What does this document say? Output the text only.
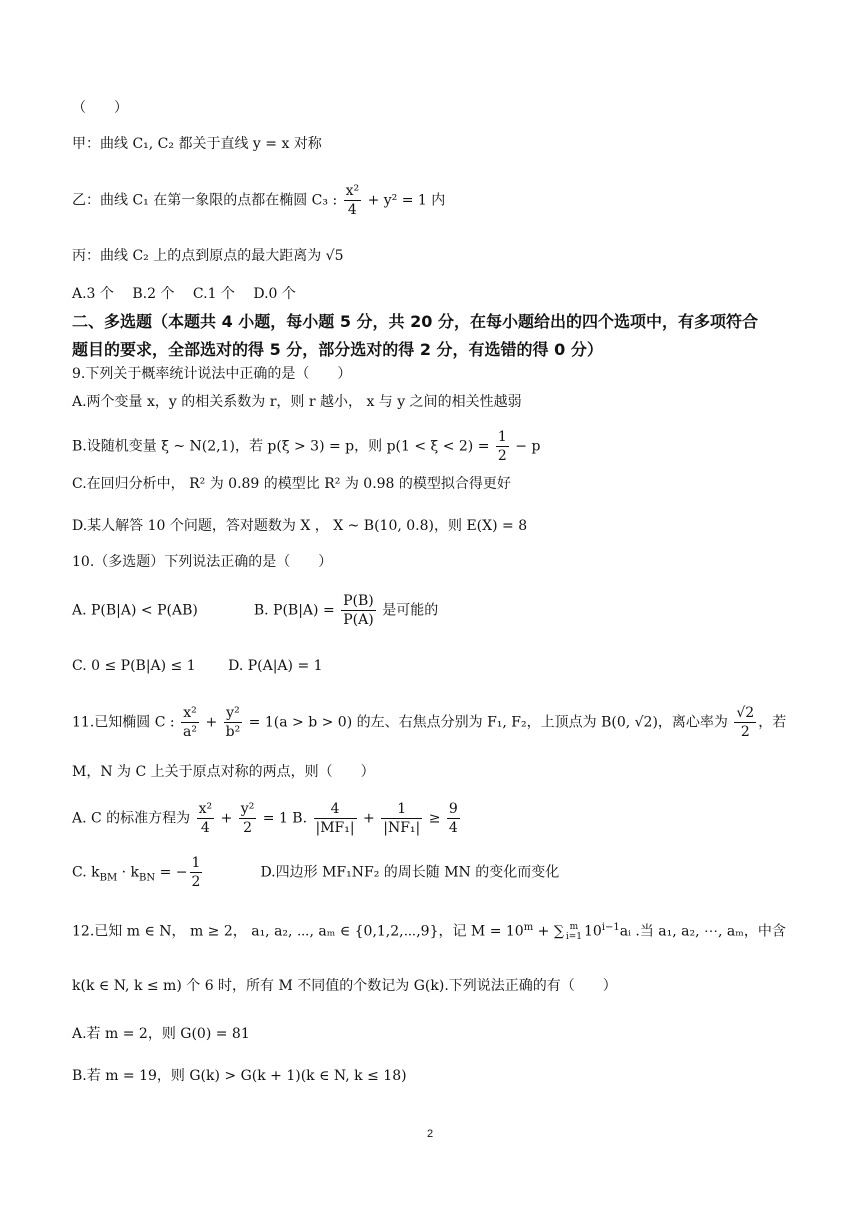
（　　）
甲：曲线 C₁, C₂ 都关于直线 y = x 对称
乙：曲线 C₁ 在第一象限的点都在椭圆 C₃ : $\frac{\text{x²}}{4} + y^2 = 1$ 内
丙：曲线 C₂ 上的点到原点的最大距离为 √5
A.3 个　 B.2 个　 C.1 个　 D.0 个
二、多选题（本题共 4 小题，每小题 5 分，共 20 分，在每小题给出的四个选项中，有多项符合
题目的要求，全部选对的得 5 分，部分选对的得 2 分，有选错的得 0 分）
9.下列关于概率统计说法中正确的是（　　）
A.两个变量 x，y 的相关系数为 r，则 r 越小， x 与 y 之间的相关性越弱
B.设随机变量 ξ ~ N(2,1)，若 p(ξ > 3) = p，则 $p(1 < \xi < 2) = \frac{1}{2} - p$
C.在回归分析中， R² 为 0.89 的模型比 R² 为 0.98 的模型拟合得更好
D.某人解答 10 个问题，答对题数为 X ， X ~ B(10, 0.8)，则 E(X) = 8
10.（多选题）下列说法正确的是（　　）
A. P(B|A) < P(AB)　　　　B. $P(B|A) = \frac{P(B)}{P(A)}$ 是可能的
C. 0 ≤ P(B|A) ≤ 1　　 D. P(A|A) = 1
11.已知椭圆 C : $\frac{\text{x²}}{\text{a²}} + \frac{\text{y²}}{\text{b²}} = 1(a > b > 0)$ 的左、右焦点分别为 F₁, F₂，上顶点为 B(0, √2)，离心率为 $\frac{√2}{2}$ ，若
M，N 为 C 上关于原点对称的两点，则（　　）
A. C 的标准方程为 $\frac{\text{x²}}{4} + \frac{\text{y²}}{2} = 1$ B. $\frac{4}{\text{|MF₁|}} + \frac{1}{\text{|NF₁|}} \ge \frac{9}{4}$
C. $k_{BM} \cdot k_{BN}$ = − $\frac{1}{2}$ 　　　　D.四边形 MF₁NF₂ 的周长随 MN 的变化而变化
12.已知 m ∈ N， m ≥ 2， a₁, a₂, ⋯, aₘ ∈ {0,1,2,⋯,9}，记 $M = 10^m$ + ∑ m
i=1 $10^{i-1}aᵢ$ .当 a₁, a₂, ⋯, aₘ，中含
k(k ∈ N, k ≤ m) 个 6 时，所有 M 不同值的个数记为 G(k).下列说法正确的有（　　）
A.若 m = 2，则 G(0) = 81
B.若 m = 19，则 G(k) > G(k + 1)(k ∈ N, k ≤ 18)
2
